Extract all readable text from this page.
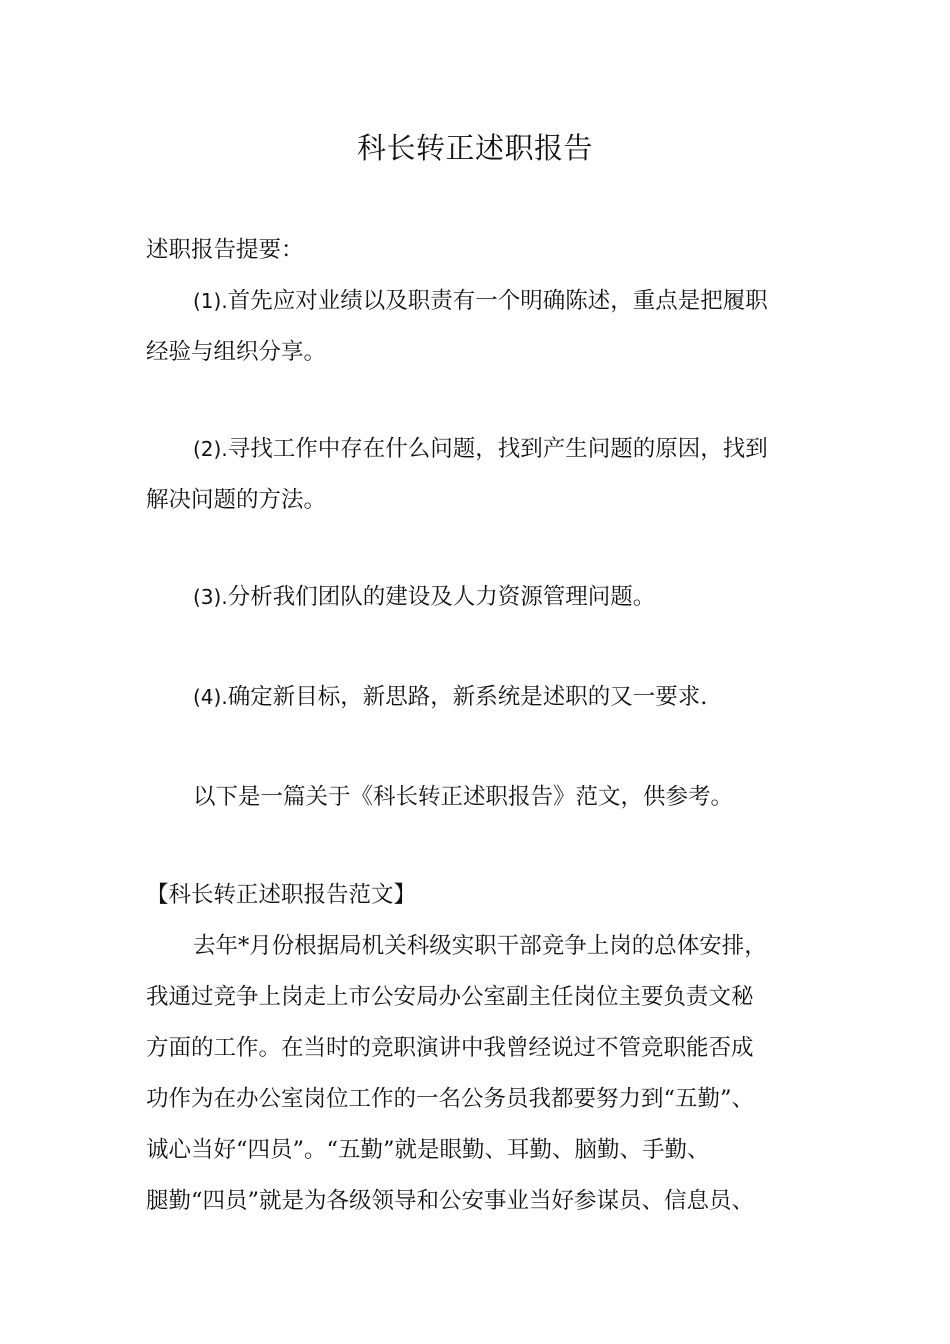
科长转正述职报告

述职报告提要：

(1).首先应对业绩以及职责有一个明确陈述，重点是把履职

经验与组织分享。

(2).寻找工作中存在什么问题，找到产生问题的原因，找到

解决问题的方法。

(3).分析我们团队的建设及人力资源管理问题。

(4).确定新目标，新思路，新系统是述职的又一要求.

以下是一篇关于《科长转正述职报告》范文，供参考。

【科长转正述职报告范文】

去年*月份根据局机关科级实职干部竞争上岗的总体安排，

我通过竞争上岗走上市公安局办公室副主任岗位主要负责文秘

方面的工作。在当时的竞职演讲中我曾经说过不管竞职能否成

功作为在办公室岗位工作的一名公务员我都要努力到“五勤”、

诚心当好“四员”。“五勤”就是眼勤、耳勤、脑勤、手勤、

腿勤“四员”就是为各级领导和公安事业当好参谋员、信息员、
